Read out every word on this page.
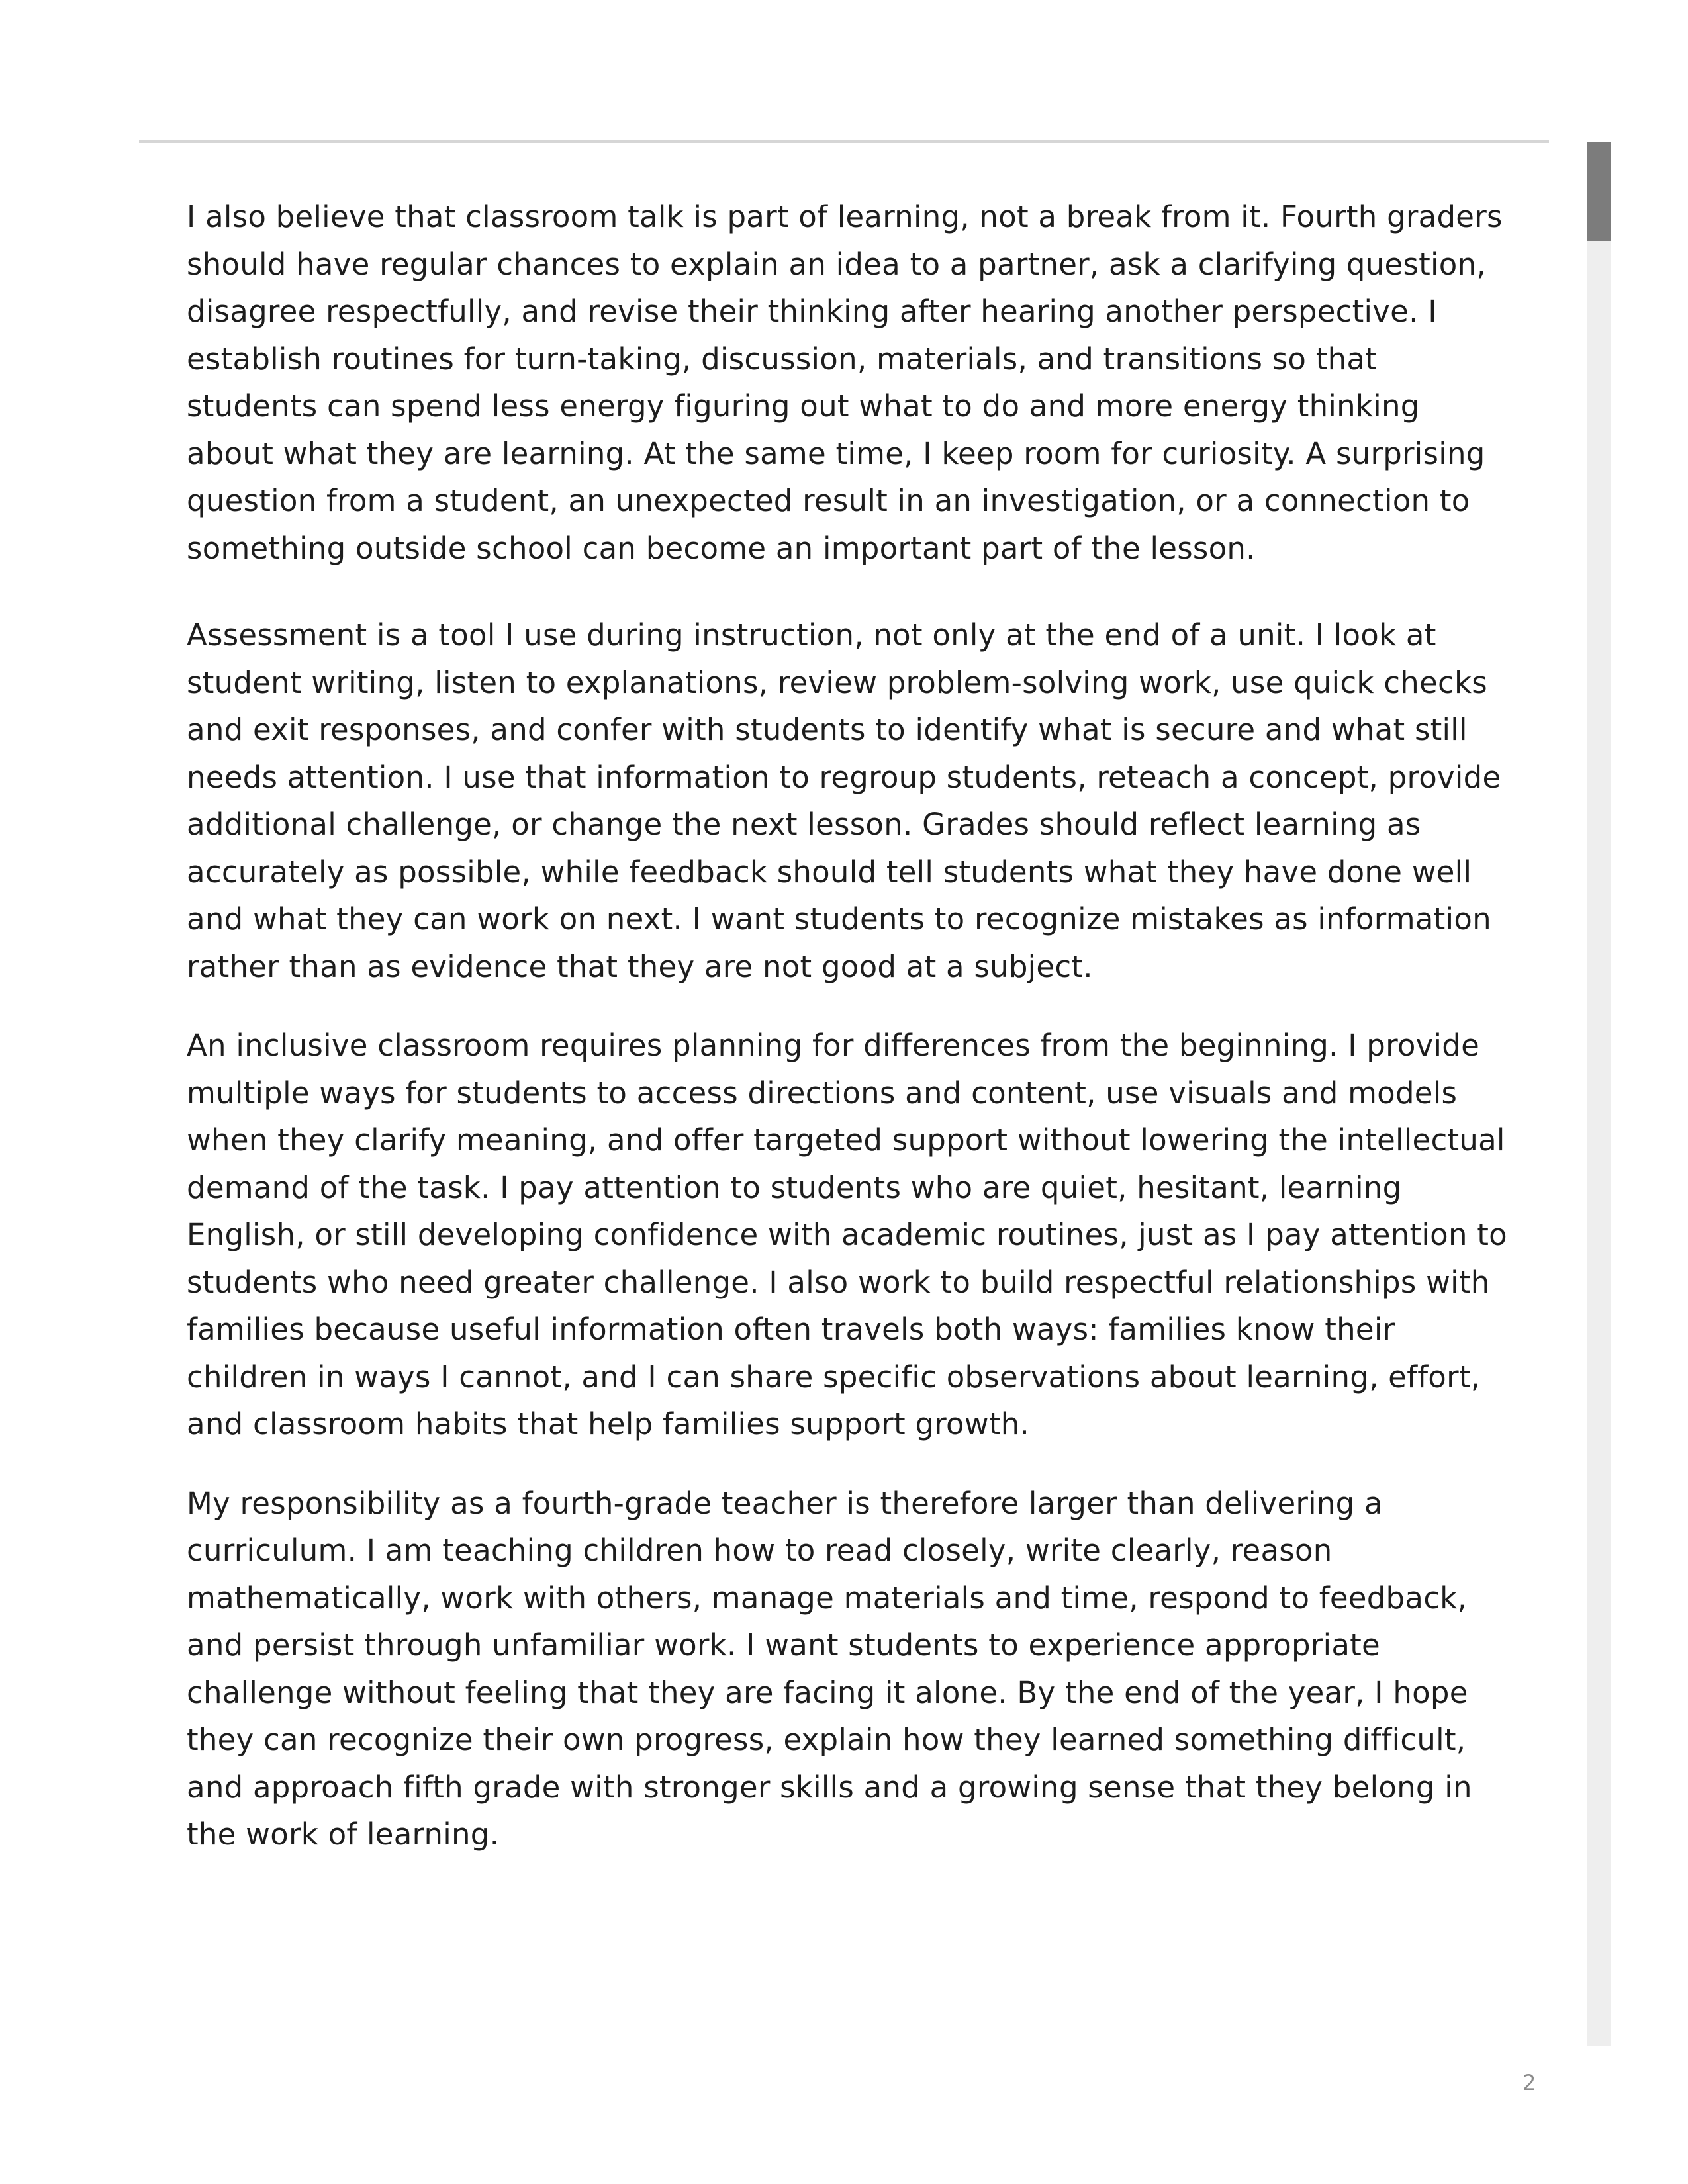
I also believe that classroom talk is part of learning, not a break from it. Fourth graders
should have regular chances to explain an idea to a partner, ask a clarifying question,
disagree respectfully, and revise their thinking after hearing another perspective. I
establish routines for turn-taking, discussion, materials, and transitions so that
students can spend less energy figuring out what to do and more energy thinking
about what they are learning. At the same time, I keep room for curiosity. A surprising
question from a student, an unexpected result in an investigation, or a connection to
something outside school can become an important part of the lesson.

Assessment is a tool I use during instruction, not only at the end of a unit. I look at
student writing, listen to explanations, review problem-solving work, use quick checks
and exit responses, and confer with students to identify what is secure and what still
needs attention. I use that information to regroup students, reteach a concept, provide
additional challenge, or change the next lesson. Grades should reflect learning as
accurately as possible, while feedback should tell students what they have done well
and what they can work on next. I want students to recognize mistakes as information
rather than as evidence that they are not good at a subject.

An inclusive classroom requires planning for differences from the beginning. I provide
multiple ways for students to access directions and content, use visuals and models
when they clarify meaning, and offer targeted support without lowering the intellectual
demand of the task. I pay attention to students who are quiet, hesitant, learning
English, or still developing confidence with academic routines, just as I pay attention to
students who need greater challenge. I also work to build respectful relationships with
families because useful information often travels both ways: families know their
children in ways I cannot, and I can share specific observations about learning, effort,
and classroom habits that help families support growth.

My responsibility as a fourth-grade teacher is therefore larger than delivering a
curriculum. I am teaching children how to read closely, write clearly, reason
mathematically, work with others, manage materials and time, respond to feedback,
and persist through unfamiliar work. I want students to experience appropriate
challenge without feeling that they are facing it alone. By the end of the year, I hope
they can recognize their own progress, explain how they learned something difficult,
and approach fifth grade with stronger skills and a growing sense that they belong in
the work of learning.

2
